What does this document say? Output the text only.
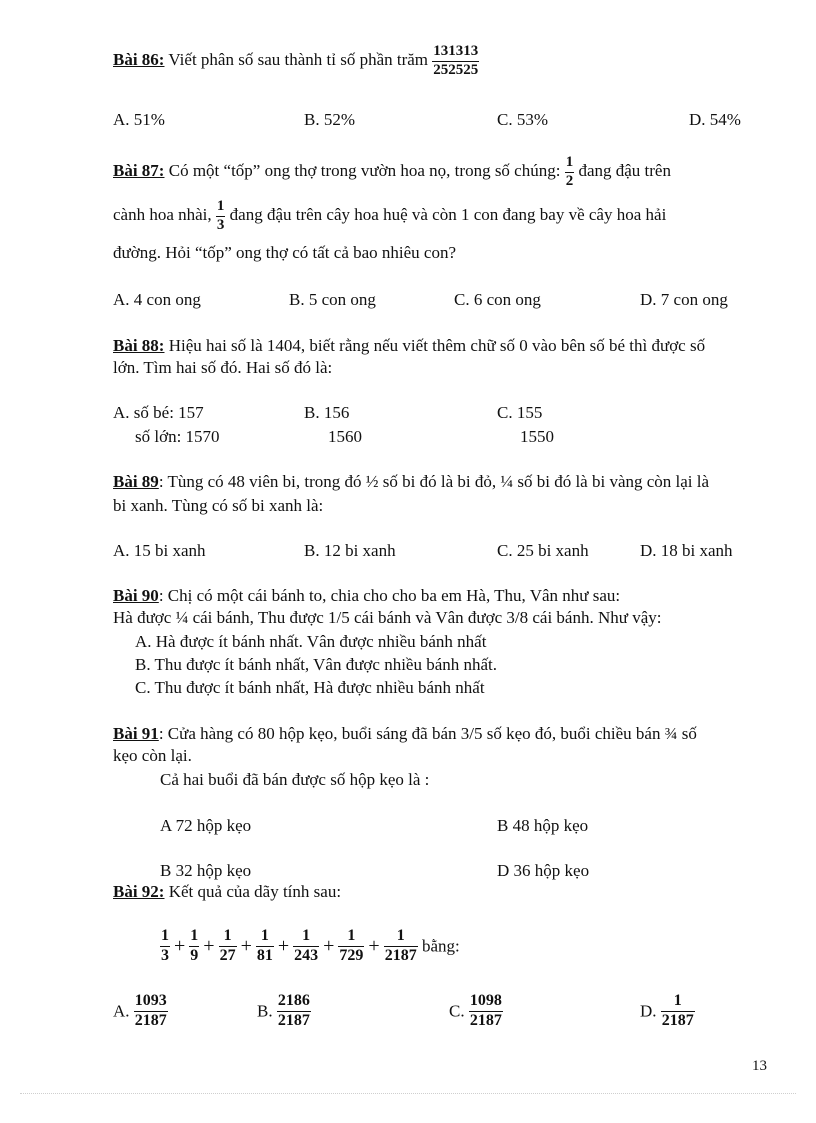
Bài 86: Viết phân số sau thành tỉ số phần trăm $\frac{131313}{252525}$
A. 51%	B. 52%	C. 53%	D. 54%
Bài 87: Có một “tốp” ong thợ trong vườn hoa nọ, trong số chúng: $\frac{1}{2}$ đang đậu trên
cành hoa nhài, $\frac{1}{3}$ đang đậu trên cây hoa huệ và còn 1 con đang bay về cây hoa hải
đường. Hỏi “tốp” ong thợ có tất cả bao nhiêu con?
A. 4 con ong	B. 5 con ong	C. 6 con ong	D. 7 con ong
Bài 88: Hiệu hai số là 1404, biết rằng nếu viết thêm chữ số 0 vào bên số bé thì được số
lớn. Tìm hai số đó. Hai số đó là:
A. số bé: 157
số lớn: 1570
B. 156
1560
C. 155
1550
Bài 89: Tùng có 48 viên bi, trong đó ½ số bi đó là bi đỏ, ¼ số bi đó là bi vàng còn lại là
bi xanh. Tùng có số bi xanh là:
A. 15 bi xanh	B. 12 bi xanh	C. 25 bi xanh	D. 18 bi xanh
Bài 90: Chị có một cái bánh to, chia cho cho ba em Hà, Thu, Vân như sau:
Hà được ¼ cái bánh, Thu được 1/5 cái bánh và Vân được 3/8 cái bánh. Như vậy:
A. Hà được ít bánh nhất. Vân được nhiều bánh nhất
B. Thu được ít bánh nhất, Vân được nhiều bánh nhất.
C. Thu được ít bánh nhất, Hà được nhiều bánh nhất
Bài 91: Cửa hàng có 80 hộp kẹo, buổi sáng đã bán 3/5 số kẹo đó, buổi chiều bán ¾ số
kẹo còn lại.
Cả hai buổi đã bán được số hộp kẹo là :
A 72 hộp kẹo	B 48 hộp kẹo
B 32 hộp kẹo	D 36 hộp kẹo
Bài 92: Kết quả của dãy tính sau:
$\frac{1}{3} + \frac{1}{9} + \frac{1}{27} + \frac{1}{81} + \frac{1}{243} + \frac{1}{729} + \frac{1}{2187}$ bằng:
A. $\frac{1093}{2187}$	B. $\frac{2186}{2187}$	C. $\frac{1098}{2187}$	D. $\frac{1}{2187}$
13
